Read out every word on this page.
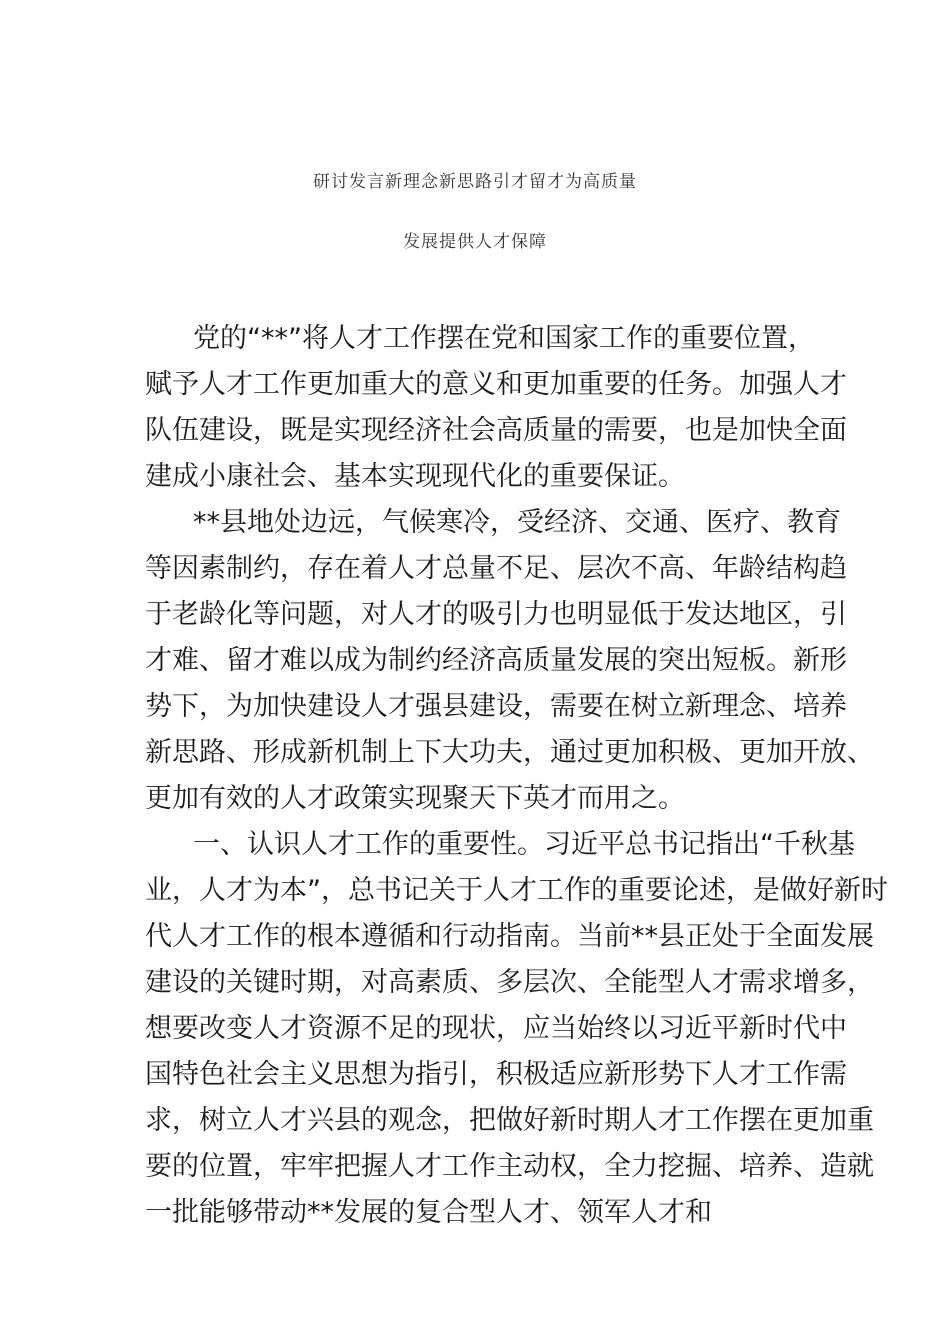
研讨发言新理念新思路引才留才为高质量
发展提供人才保障
党的“**”将人才工作摆在党和国家工作的重要位置，
赋予人才工作更加重大的意义和更加重要的任务。加强人才
队伍建设，既是实现经济社会高质量的需要，也是加快全面
建成小康社会、基本实现现代化的重要保证。
**县地处边远，气候寒冷，受经济、交通、医疗、教育
等因素制约，存在着人才总量不足、层次不高、年龄结构趋
于老龄化等问题，对人才的吸引力也明显低于发达地区，引
才难、留才难以成为制约经济高质量发展的突出短板。新形
势下，为加快建设人才强县建设，需要在树立新理念、培养
新思路、形成新机制上下大功夫，通过更加积极、更加开放、
更加有效的人才政策实现聚天下英才而用之。
一、认识人才工作的重要性。习近平总书记指出“千秋基
业，人才为本”，总书记关于人才工作的重要论述，是做好新时
代人才工作的根本遵循和行动指南。当前**县正处于全面发展
建设的关键时期，对高素质、多层次、全能型人才需求增多，
想要改变人才资源不足的现状，应当始终以习近平新时代中
国特色社会主义思想为指引，积极适应新形势下人才工作需
求，树立人才兴县的观念，把做好新时期人才工作摆在更加重
要的位置，牢牢把握人才工作主动权，全力挖掘、培养、造就
一批能够带动**发展的复合型人才、领军人才和
